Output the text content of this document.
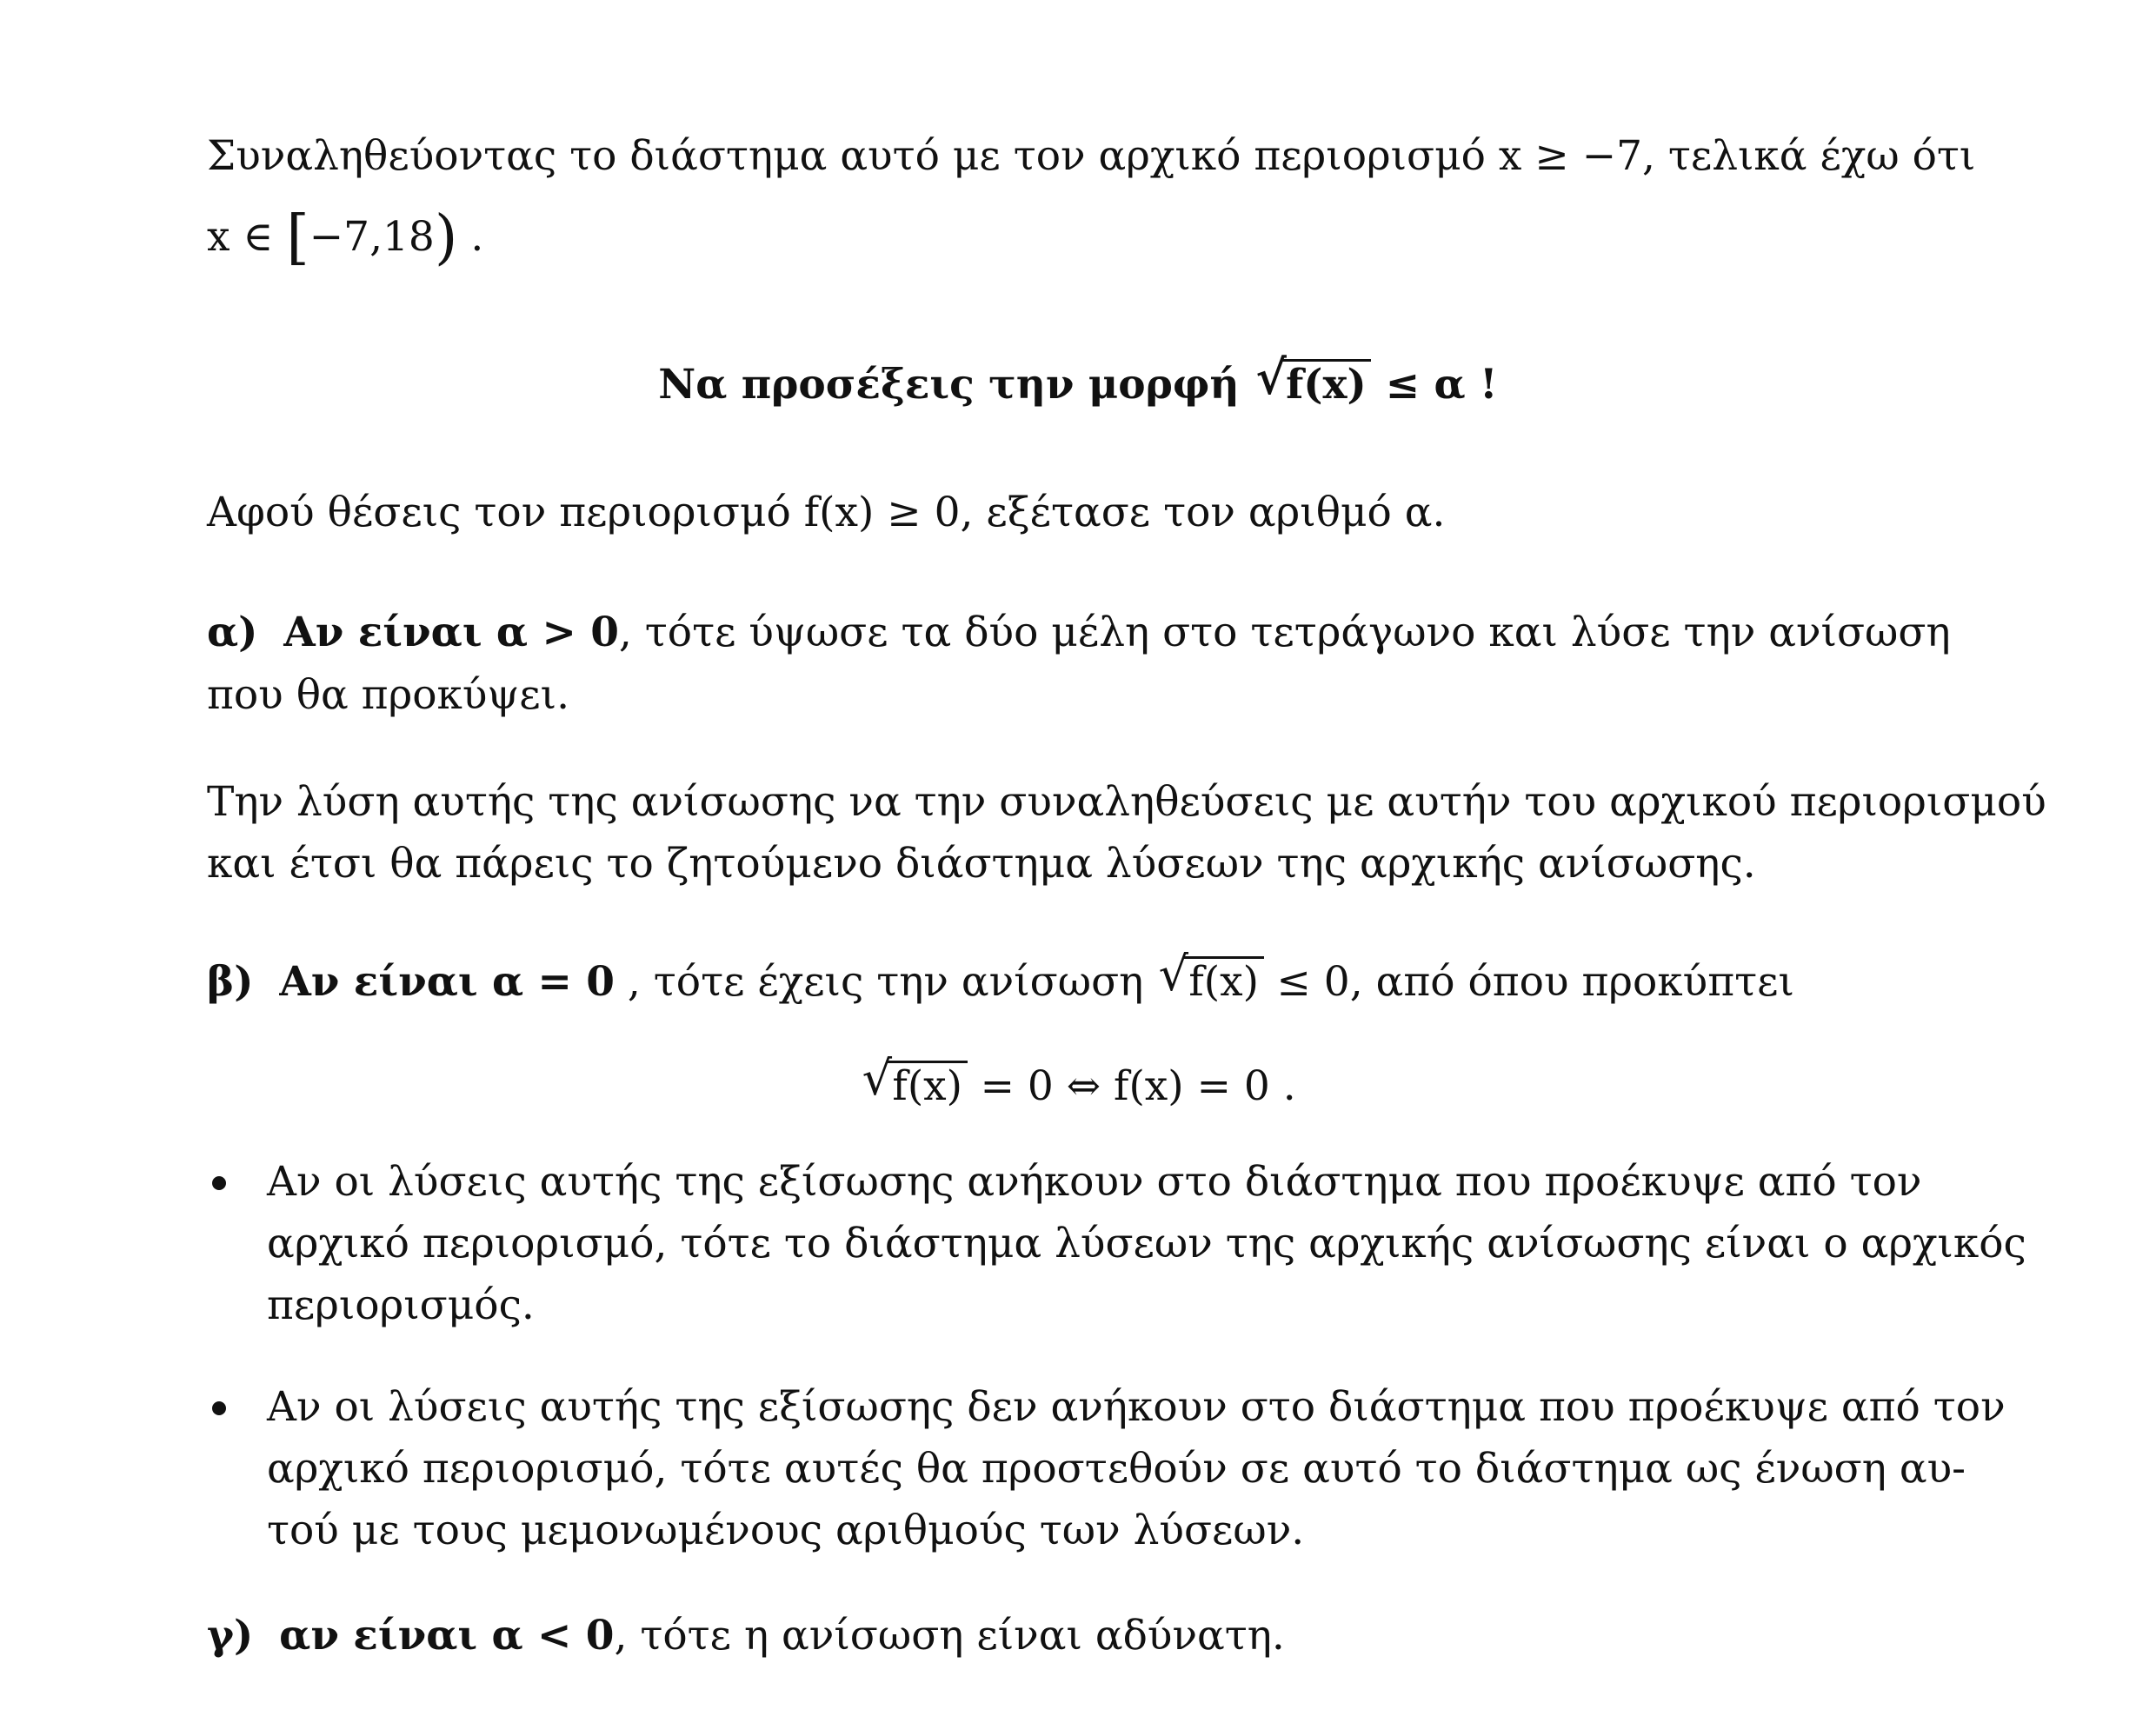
Συναληθεύοντας το διάστημα αυτό με τον αρχικό περιορισμό x ≥ −7, τελικά έχω ότι
x ∈ [−7,18) .
Να προσέξεις την μορφή √ f(x) ≤ α !
Αφού θέσεις τον περιορισμό f(x) ≥ 0, εξέτασε τον αριθμό α.
α) Αν είναι α > 0, τότε ύψωσε τα δύο μέλη στο τετράγωνο και λύσε την ανίσωση
που θα προκύψει.
Την λύση αυτής της ανίσωσης να την συναληθεύσεις με αυτήν του αρχικού περιορισμού
και έτσι θα πάρεις το ζητούμενο διάστημα λύσεων της αρχικής ανίσωσης.
β) Αν είναι α = 0 , τότε έχεις την ανίσωση √ f(x) ≤ 0, από όπου προκύπτει
√ f(x) = 0 ⇔ f(x) = 0 .
Αν οι λύσεις αυτής της εξίσωσης ανήκουν στο διάστημα που προέκυψε από τον
αρχικό περιορισμό, τότε το διάστημα λύσεων της αρχικής ανίσωσης είναι ο αρχικός
περιορισμός.
Αν οι λύσεις αυτής της εξίσωσης δεν ανήκουν στο διάστημα που προέκυψε από τον
αρχικό περιορισμό, τότε αυτές θα προστεθούν σε αυτό το διάστημα ως ένωση αυ-
τού με τους μεμονωμένους αριθμούς των λύσεων.
γ) αν είναι α < 0, τότε η ανίσωση είναι αδύνατη.
